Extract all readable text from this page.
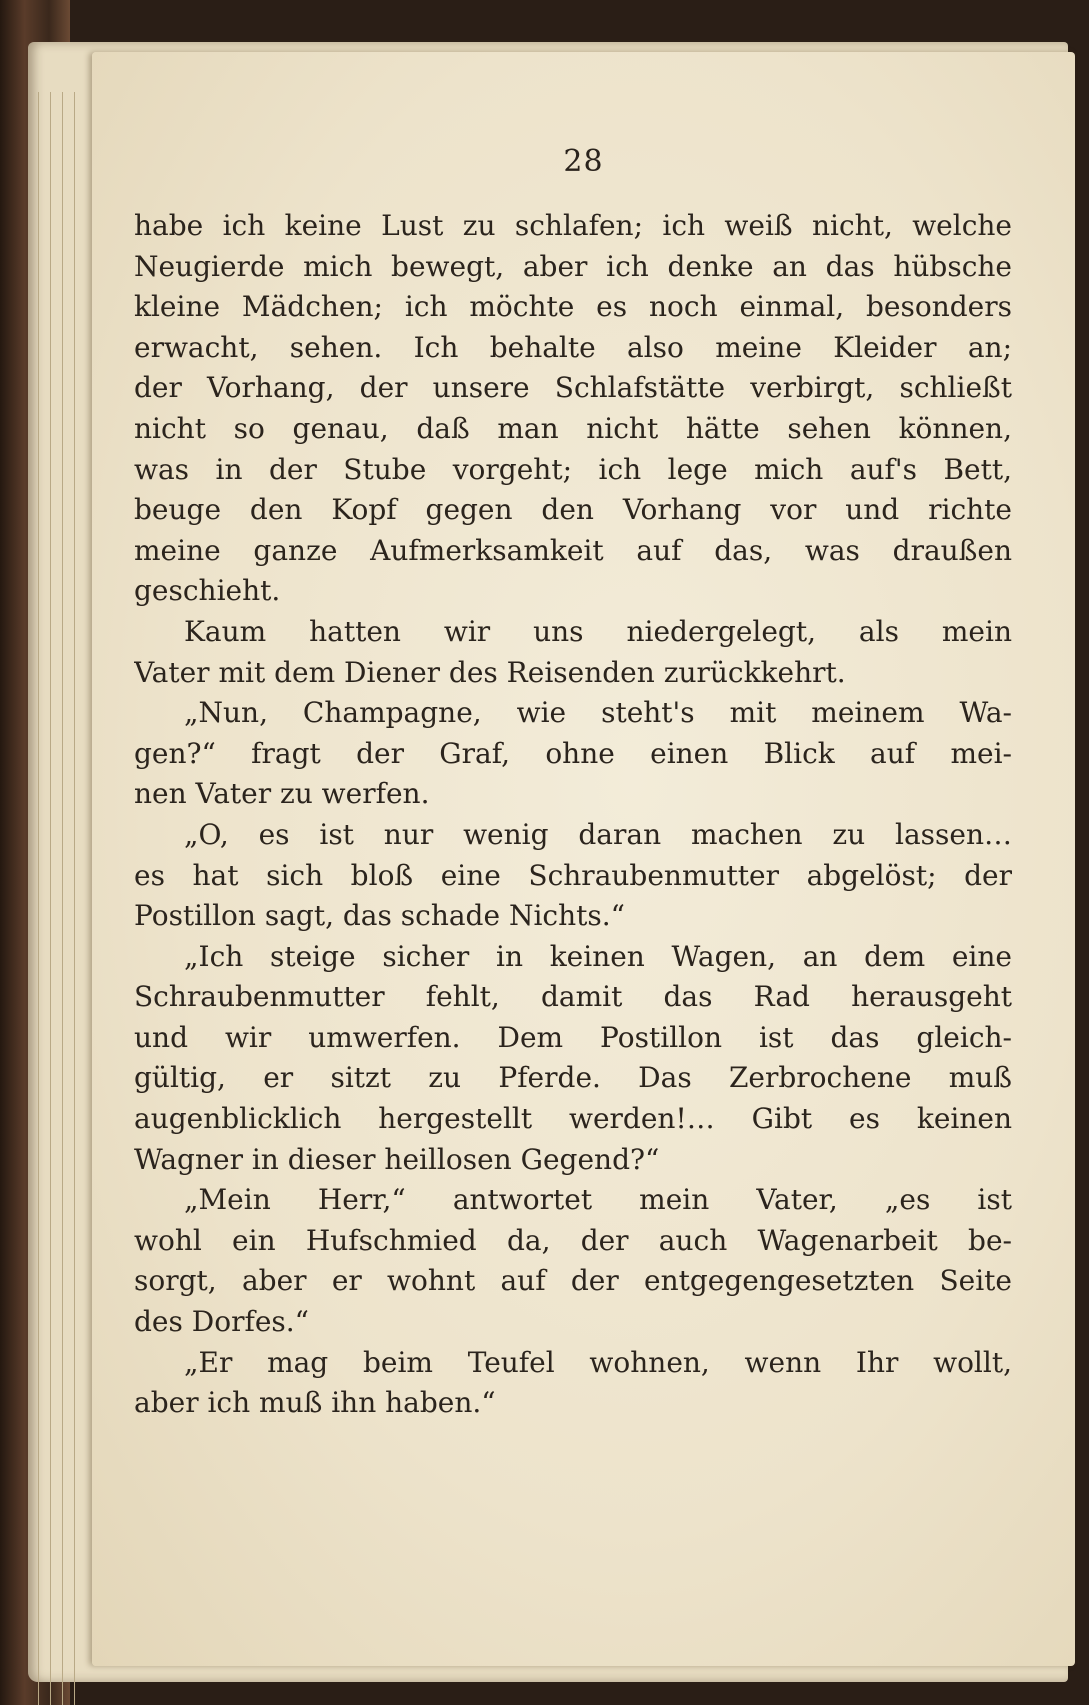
28
habe ich keine Lust zu schlafen; ich weiß nicht, welche
Neugierde mich bewegt, aber ich denke an das hübsche
kleine Mädchen; ich möchte es noch einmal, besonders
erwacht, sehen. Ich behalte also meine Kleider an;
der Vorhang, der unsere Schlafstätte verbirgt, schließt
nicht so genau, daß man nicht hätte sehen können,
was in der Stube vorgeht; ich lege mich auf's Bett,
beuge den Kopf gegen den Vorhang vor und richte
meine ganze Aufmerksamkeit auf das, was draußen
geschieht.
Kaum hatten wir uns niedergelegt, als mein
Vater mit dem Diener des Reisenden zurückkehrt.
„Nun, Champagne, wie steht's mit meinem Wa-
gen?“ fragt der Graf, ohne einen Blick auf mei-
nen Vater zu werfen.
„O, es ist nur wenig daran machen zu lassen…
es hat sich bloß eine Schraubenmutter abgelöst; der
Postillon sagt, das schade Nichts.“
„Ich steige sicher in keinen Wagen, an dem eine
Schraubenmutter fehlt, damit das Rad herausgeht
und wir umwerfen. Dem Postillon ist das gleich-
gültig, er sitzt zu Pferde. Das Zerbrochene muß
augenblicklich hergestellt werden!… Gibt es keinen
Wagner in dieser heillosen Gegend?“
„Mein Herr,“ antwortet mein Vater, „es ist
wohl ein Hufschmied da, der auch Wagenarbeit be-
sorgt, aber er wohnt auf der entgegengesetzten Seite
des Dorfes.“
„Er mag beim Teufel wohnen, wenn Ihr wollt,
aber ich muß ihn haben.“
